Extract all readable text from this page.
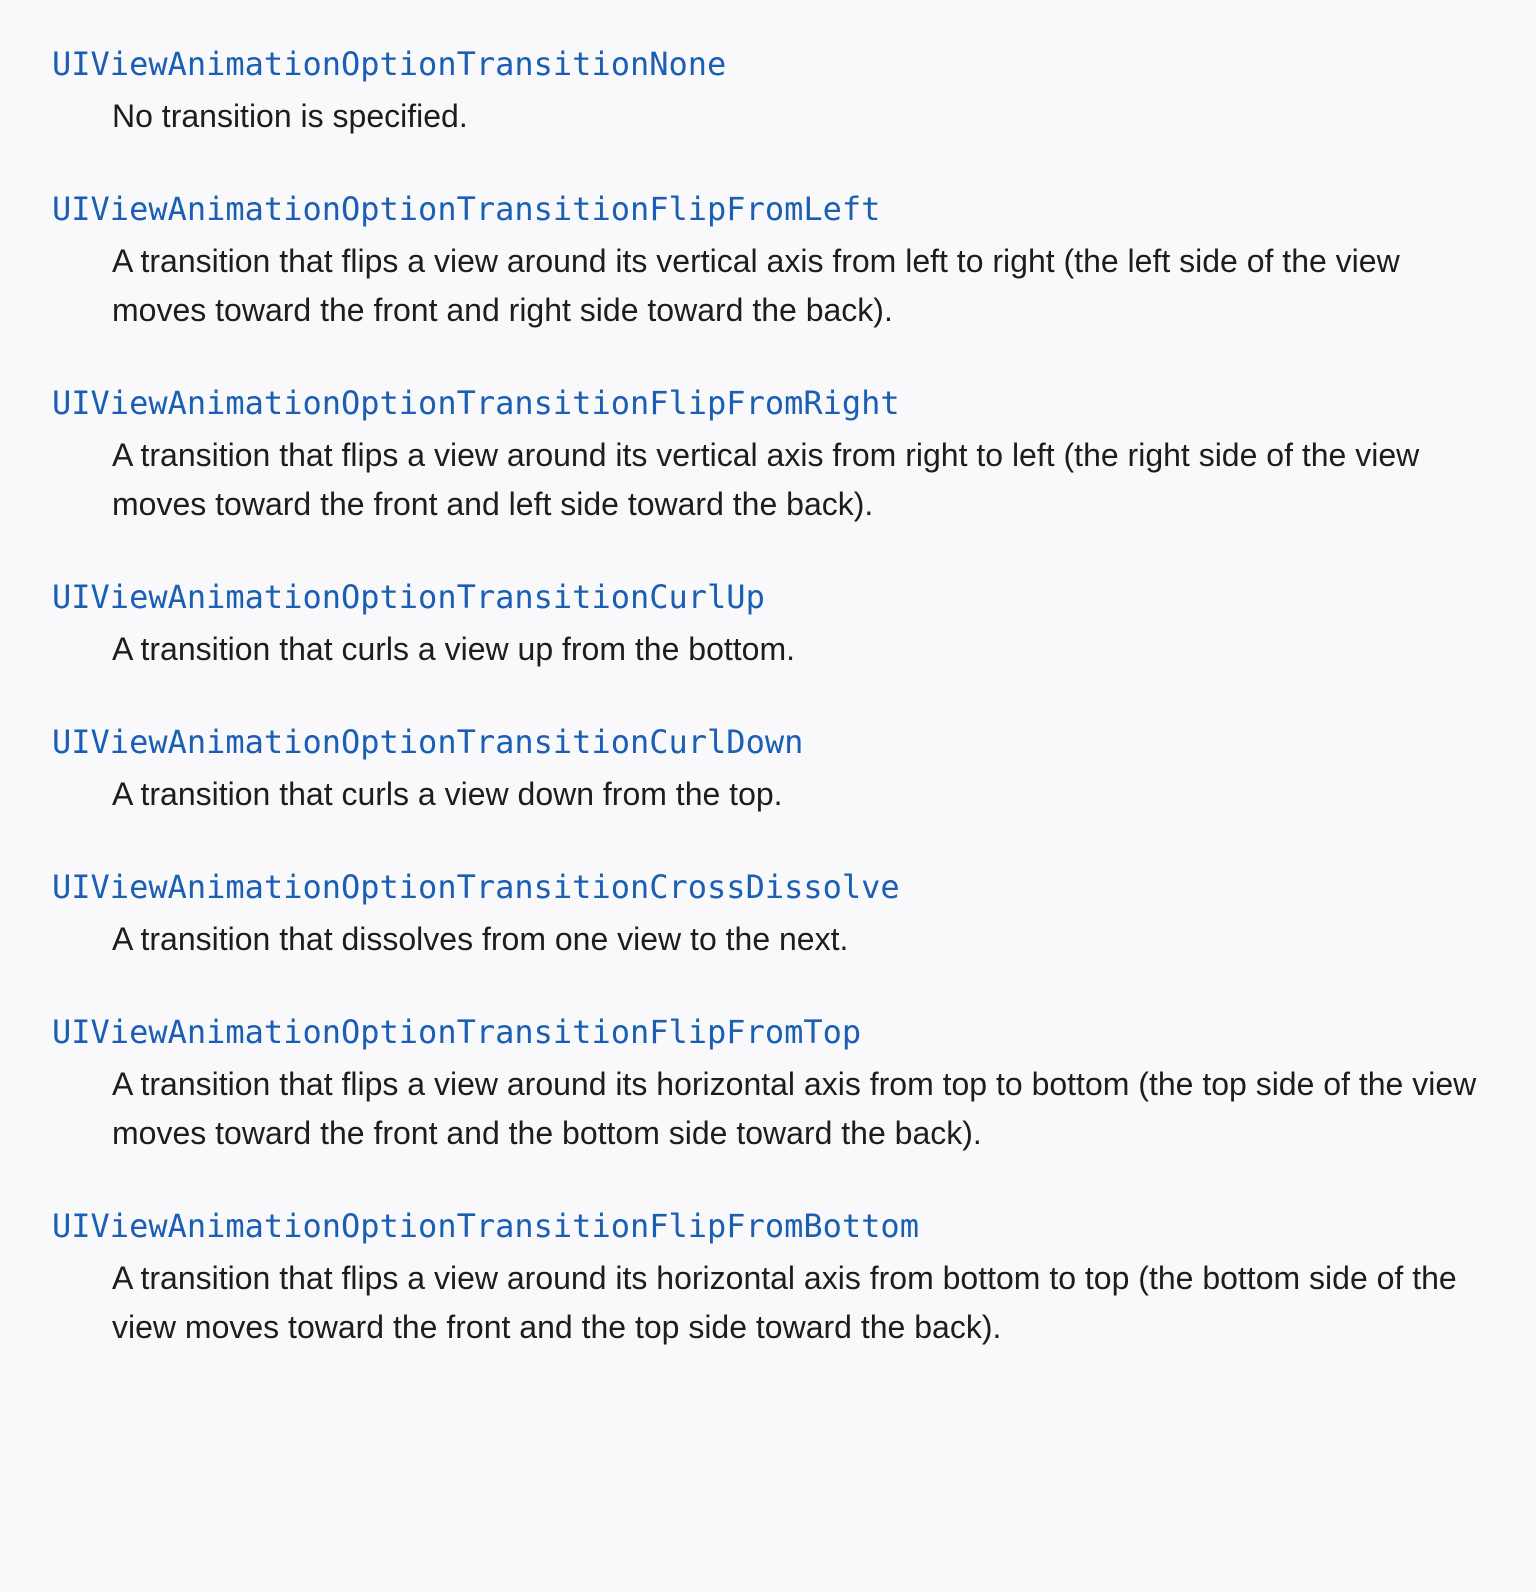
UIViewAnimationOptionTransitionNone
No transition is specified.
UIViewAnimationOptionTransitionFlipFromLeft
A transition that flips a view around its vertical axis from left to right (the left side of the view moves toward the front and right side toward the back).
UIViewAnimationOptionTransitionFlipFromRight
A transition that flips a view around its vertical axis from right to left (the right side of the view moves toward the front and left side toward the back).
UIViewAnimationOptionTransitionCurlUp
A transition that curls a view up from the bottom.
UIViewAnimationOptionTransitionCurlDown
A transition that curls a view down from the top.
UIViewAnimationOptionTransitionCrossDissolve
A transition that dissolves from one view to the next.
UIViewAnimationOptionTransitionFlipFromTop
A transition that flips a view around its horizontal axis from top to bottom (the top side of the view moves toward the front and the bottom side toward the back).
UIViewAnimationOptionTransitionFlipFromBottom
A transition that flips a view around its horizontal axis from bottom to top (the bottom side of the view moves toward the front and the top side toward the back).
